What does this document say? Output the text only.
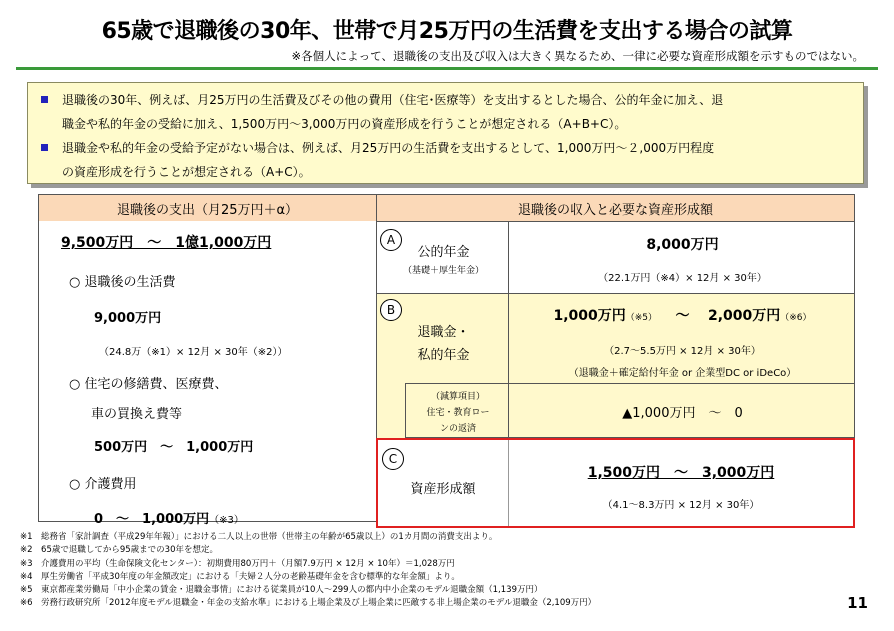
65歳で退職後の30年、世帯で月25万円の生活費を支出する場合の試算
※各個人によって、退職後の支出及び収入は大きく異なるため、一律に必要な資産形成額を示すものではない。
退職後の30年、例えば、月25万円の生活費及びその他の費用（住宅･医療等）を支出するとした場合、公的年金に加え、退
職金や私的年金の受給に加え、1,500万円～3,000万円の資産形成を行うことが想定される（A+B+C）。
退職金や私的年金の受給予定がない場合は、例えば、月25万円の生活費を支出するとして、1,000万円～２,000万円程度
の資産形成を行うことが想定される（A+C）。
退職後の支出（月25万円＋α）	退職後の収入と必要な資産形成額
9,500万円　～　1億1,000万円
○ 退職後の生活費
9,000万円
（24.8万（※1）× 12月 × 30年（※2））
○ 住宅の修繕費、医療費、
車の買換え費等
500万円　～　1,000万円
○ 介護費用
0　～　1,000万円（※3）
A
公的年金
（基礎＋厚生年金）
8,000万円
（22.1万円（※4）× 12月 × 30年）
B
退職金・
私的年金
1,000万円（※5） ～ 2,000万円（※6）
（2.7～5.5万円 × 12月 × 30年）
（退職金＋確定給付年金 or 企業型DC or iDeCo）
（減算項目）
住宅・教育ロー
ンの返済
▲1,000万円　～　0
C
資産形成額
1,500万円　～　3,000万円
（4.1～8.3万円 × 12月 × 30年）
※1　総務省「家計調査（平成29年年報）」における二人以上の世帯（世帯主の年齢が65歳以上）の1カ月間の消費支出より。
※2　65歳で退職してから95歳までの30年を想定。
※3　介護費用の平均（生命保険文化センター）：初期費用80万円＋（月額7.9万円 × 12月 × 10年）＝1,028万円
※4　厚生労働省「平成30年度の年金額改定」における「夫婦２人分の老齢基礎年金を含む標準的な年金額」より。
※5　東京都産業労働局「中小企業の賃金・退職金事情」における従業員が10人～299人の都内中小企業のモデル退職金額（1,139万円）
※6　労務行政研究所「2012年度モデル退職金・年金の支給水準」における上場企業及び上場企業に匹敵する非上場企業のモデル退職金（2,109万円）	11
